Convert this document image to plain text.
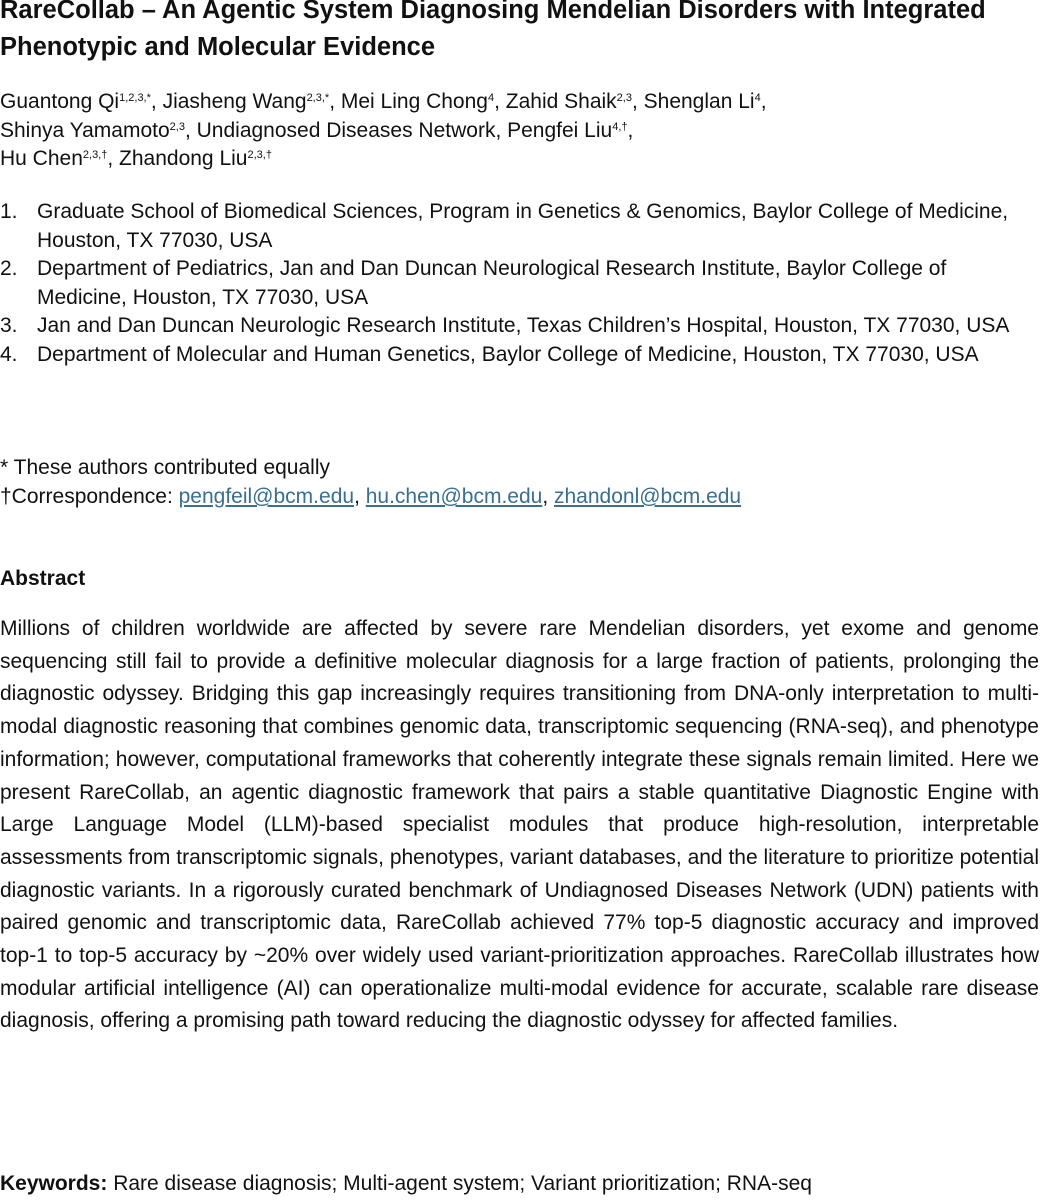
RareCollab – An Agentic System Diagnosing Mendelian Disorders with Integrated Phenotypic and Molecular Evidence

Guantong $Qi^{1,2,3,*}$, Jiasheng Wang$^{2,3,*}$, Mei Ling Chong$^4$, Zahid Shaik$^{2,3}$, Shenglan Li$^4$,
Shinya Yamamoto$^{2,3}$, Undiagnosed Diseases Network, Pengfei Liu$^{4,\dagger}$,
Hu Chen$^{2,3,\dagger}$, Zhandong Liu$^{2,3,\dagger}$

1. Graduate School of Biomedical Sciences, Program in Genetics & Genomics, Baylor College of Medicine, Houston, TX 77030, USA
2. Department of Pediatrics, Jan and Dan Duncan Neurological Research Institute, Baylor College of Medicine, Houston, TX 77030, USA
3. Jan and Dan Duncan Neurologic Research Institute, Texas Children’s Hospital, Houston, TX 77030, USA
4. Department of Molecular and Human Genetics, Baylor College of Medicine, Houston, TX 77030, USA
* These authors contributed equally
†Correspondence: pengfeil@bcm.edu, hu.chen@bcm.edu, zhandonl@bcm.edu
Abstract

Millions of children worldwide are affected by severe rare Mendelian disorders, yet exome and genome sequencing still fail to provide a definitive molecular diagnosis for a large fraction of patients, prolonging the diagnostic odyssey. Bridging this gap increasingly requires transitioning from DNA-only interpretation to multi-modal diagnostic reasoning that combines genomic data, transcriptomic sequencing (RNA-seq), and phenotype information; however, computational frameworks that coherently integrate these signals remain limited. Here we present RareCollab, an agentic diagnostic framework that pairs a stable quantitative Diagnostic Engine with Large Language Model (LLM)-based specialist modules that produce high-resolution, interpretable assessments from transcriptomic signals, phenotypes, variant databases, and the literature to prioritize potential diagnostic variants. In a rigorously curated benchmark of Undiagnosed Diseases Network (UDN) patients with paired genomic and transcriptomic data, RareCollab achieved 77% top-5 diagnostic accuracy and improved top-1 to top-5 accuracy by ~20% over widely used variant-prioritization approaches. RareCollab illustrates how modular artificial intelligence (AI) can operationalize multi-modal evidence for accurate, scalable rare disease diagnosis, offering a promising path toward reducing the diagnostic odyssey for affected families.

Keywords: Rare disease diagnosis; Multi-agent system; Variant prioritization; RNA-seq
